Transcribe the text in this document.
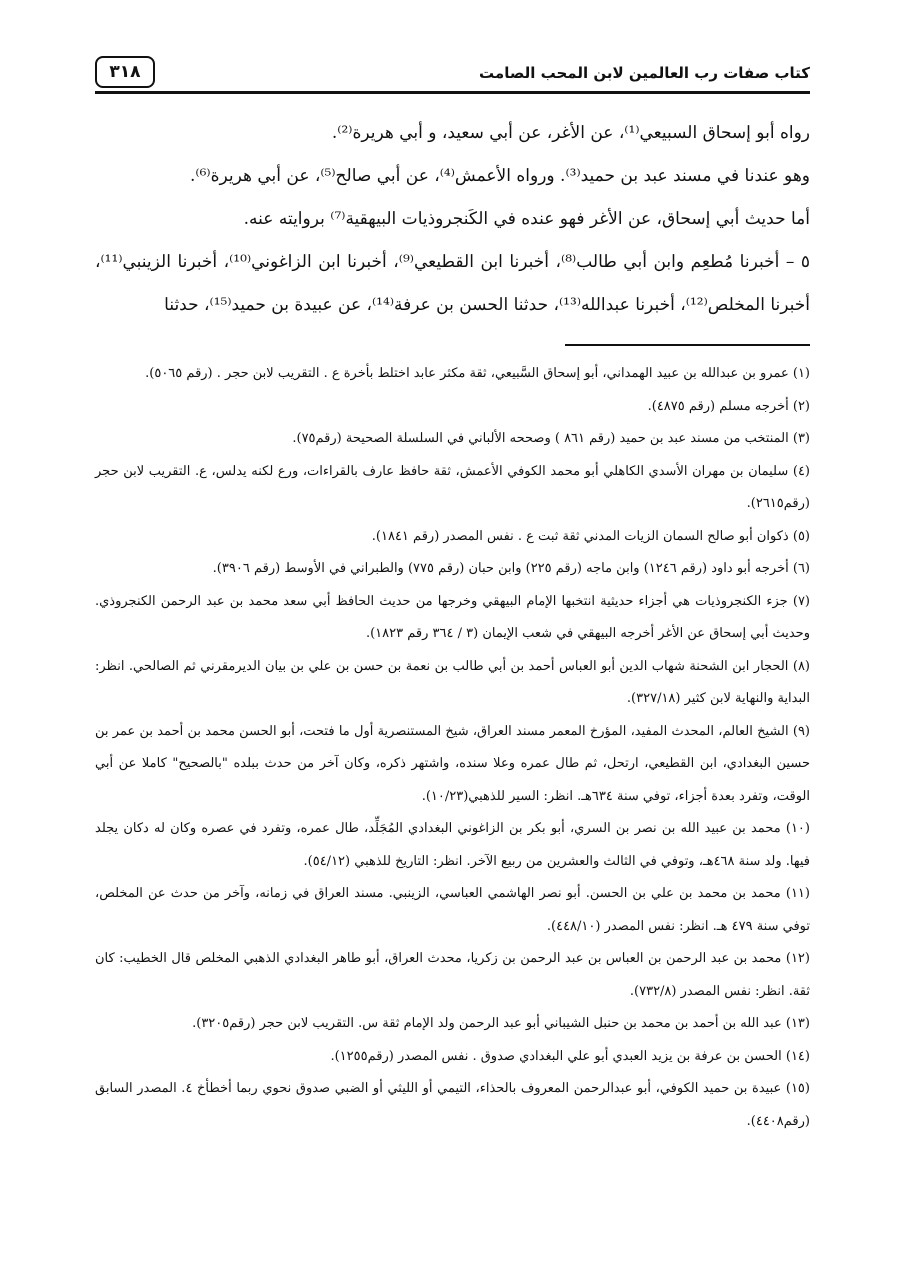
كتاب صفات رب العالمين لابن المحب الصامت
٣١٨

رواه أبو إسحاق السبيعي⁽¹⁾، عن الأغر، عن أبي سعيد، و أبي هريرة⁽²⁾.

وهو عندنا في مسند عبد بن حميد⁽³⁾. ورواه الأعمش⁽⁴⁾، عن أبي صالح⁽⁵⁾، عن أبي هريرة⁽⁶⁾.

أما حديث أبي إسحاق، عن الأغر فهو عنده في الكَنجروذيات البيهقية⁽⁷⁾ بروايته عنه.

٥ – أخبرنا مُطعِم وابن أبي طالب⁽⁸⁾، أخبرنا ابن القطيعي⁽⁹⁾، أخبرنا ابن الزاغوني⁽¹⁰⁾، أخبرنا الزينبي⁽¹¹⁾، أخبرنا المخلص⁽¹²⁾، أخبرنا عبدالله⁽¹³⁾، حدثنا الحسن بن عرفة⁽¹⁴⁾، عن عبيدة بن حميد⁽¹⁵⁾، حدثنا

(١) عمرو بن عبدالله بن عبيد الهمداني، أبو إسحاق السَّبيعي، ثقة مكثر عابد اختلط بأخرة ع . التقريب لابن حجر . (رقم ٥٠٦٥).

(٢) أخرجه مسلم (رقم ٤٨٧٥).

(٣) المنتخب من مسند عبد بن حميد (رقم ٨٦١ ) وصححه الألباني في السلسلة الصحيحة (رقم٧٥).

(٤) سليمان بن مهران الأسدي الكاهلي أبو محمد الكوفي الأعمش، ثقة حافظ عارف بالقراءات، ورع لكنه يدلس، ع. التقريب لابن حجر (رقم٢٦١٥).

(٥) ذكوان أبو صالح السمان الزيات المدني ثقة ثبت ع . نفس المصدر (رقم ١٨٤١).

(٦) أخرجه أبو داود (رقم ١٢٤٦) وابن ماجه (رقم ٢٢٥) وابن حبان (رقم ٧٧٥) والطبراني في الأوسط (رقم ٣٩٠٦).

(٧) جزء الكنجروذيات هي أجزاء حديثية انتخبها الإمام البيهقي وخرجها من حديث الحافظ أبي سعد محمد بن عبد الرحمن الكنجروذي. وحديث أبي إسحاق عن الأغر أخرجه البيهقي في شعب الإيمان (٣ / ٣٦٤ رقم ١٨٢٣).

(٨) الحجار ابن الشحنة شهاب الدين أبو العباس أحمد بن أبي طالب بن نعمة بن حسن بن علي بن بيان الديرمقرني ثم الصالحي. انظر: البداية والنهاية لابن كثير (٣٢٧/١٨).

(٩) الشيخ العالم، المحدث المفيد، المؤرخ المعمر مسند العراق، شيخ المستنصرية أول ما فتحت، أبو الحسن محمد بن أحمد بن عمر بن حسين البغدادي، ابن القطيعي، ارتحل، ثم طال عمره وعلا سنده، واشتهر ذكره، وكان آخر من حدث ببلده "بالصحيح" كاملا عن أبي الوقت، وتفرد بعدة أجزاء، توفي سنة ٦٣٤هـ. انظر: السير للذهبي(١٠/٢٣).

(١٠) محمد بن عبيد الله بن نصر بن السري، أبو بكر بن الزاغوني البغدادي المُجَلِّد، طال عمره، وتفرد في عصره وكان له دكان يجلد فيها. ولد سنة ٤٦٨هـ، وتوفي في الثالث والعشرين من ربيع الآخر. انظر: التاريخ للذهبي (٥٤/١٢).

(١١) محمد بن محمد بن علي بن الحسن. أبو نصر الهاشمي العباسي، الزينبي. مسند العراق في زمانه، وآخر من حدث عن المخلص، توفي سنة ٤٧٩ هـ. انظر: نفس المصدر (٤٤٨/١٠).

(١٢) محمد بن عبد الرحمن بن العباس بن عبد الرحمن بن زكريا، محدث العراق، أبو طاهر البغدادي الذهبي المخلص قال الخطيب: كان ثقة. انظر: نفس المصدر (٧٣٢/٨).

(١٣) عبد الله بن أحمد بن محمد بن حنبل الشيباني أبو عبد الرحمن ولد الإمام ثقة س. التقريب لابن حجر (رقم٣٢٠٥).

(١٤) الحسن بن عرفة بن يزيد العبدي أبو علي البغدادي صدوق . نفس المصدر (رقم١٢٥٥).

(١٥) عبيدة بن حميد الكوفي، أبو عبدالرحمن المعروف بالحذاء، التيمي أو الليثي أو الضبي صدوق نحوي ربما أخطأخ ٤. المصدر السابق (رقم٤٤٠٨).
